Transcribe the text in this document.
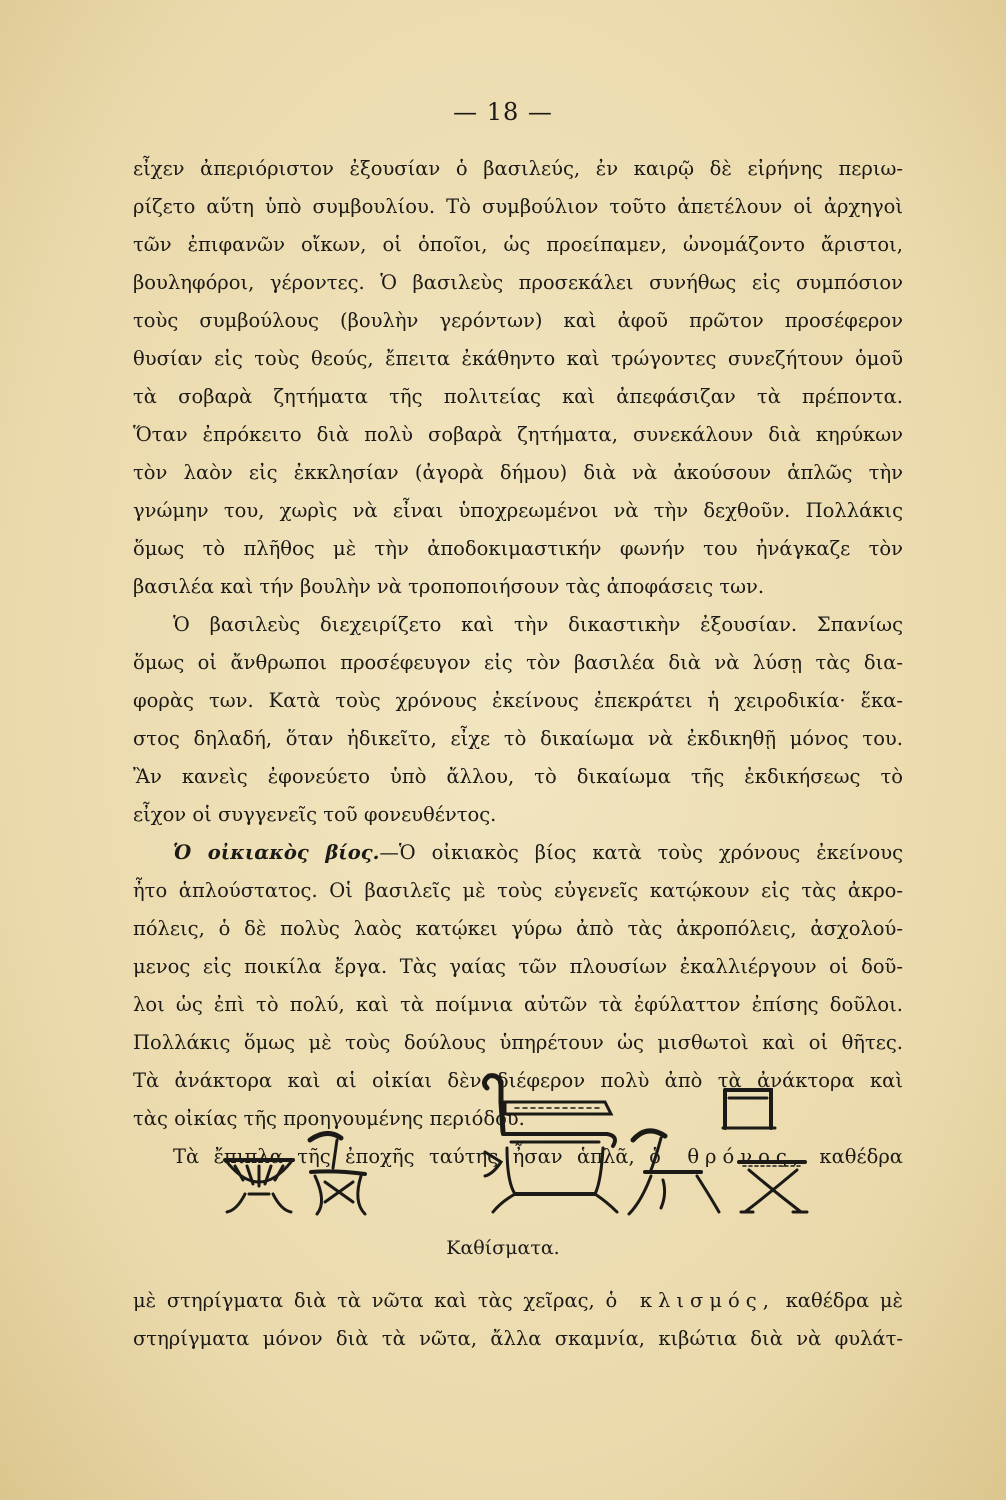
— 18 —
εἶχεν ἀπεριόριστον ἐξουσίαν ὁ βασιλεύς, ἐν καιρῷ δὲ εἰρήνης περιω-
ρίζετο αὕτη ὑπὸ συμβουλίου. Τὸ συμβούλιον τοῦτο ἀπετέλουν οἱ ἀρχηγοὶ
τῶν ἐπιφανῶν οἴκων, οἱ ὁποῖοι, ὡς προείπαμεν, ὠνομάζοντο ἄριστοι,
βουληφόροι, γέροντες. Ὁ βασιλεὺς προσεκάλει συνήθως εἰς συμπόσιον
τοὺς συμβούλους (βουλὴν γερόντων) καὶ ἀφοῦ πρῶτον προσέφερον
θυσίαν εἰς τοὺς θεούς, ἔπειτα ἐκάθηντο καὶ τρώγοντες συνεζήτουν ὁμοῦ
τὰ σοβαρὰ ζητήματα τῆς πολιτείας καὶ ἀπεφάσιζαν τὰ πρέποντα.
Ὅταν ἐπρόκειτο διὰ πολὺ σοβαρὰ ζητήματα, συνεκάλουν διὰ κηρύκων
τὸν λαὸν εἰς ἐκκλησίαν (ἀγορὰ δήμου) διὰ νὰ ἀκούσουν ἁπλῶς τὴν
γνώμην του, χωρὶς νὰ εἶναι ὑποχρεωμένοι νὰ τὴν δεχθοῦν. Πολλάκις
ὅμως τὸ πλῆθος μὲ τὴν ἀποδοκιμαστικήν φωνήν του ἠνάγκαζε τὸν
βασιλέα καὶ τήν βουλὴν νὰ τροποποιήσουν τὰς ἀποφάσεις των.
Ὁ βασιλεὺς διεχειρίζετο καὶ τὴν δικαστικὴν ἐξουσίαν. Σπανίως
ὅμως οἱ ἄνθρωποι προσέφευγον εἰς τὸν βασιλέα διὰ νὰ λύσῃ τὰς δια-
φορὰς των. Κατὰ τοὺς χρόνους ἐκείνους ἐπεκράτει ἡ χειροδικία· ἕκα-
στος δηλαδή, ὅταν ἠδικεῖτο, εἶχε τὸ δικαίωμα νὰ ἐκδικηθῇ μόνος του.
Ἂν κανεὶς ἐφονεύετο ὑπὸ ἄλλου, τὸ δικαίωμα τῆς ἐκδικήσεως τὸ
εἶχον οἱ συγγενεῖς τοῦ φονευθέντος.
Ὁ οἰκιακὸς βίος.—Ὁ οἰκιακὸς βίος κατὰ τοὺς χρόνους ἐκείνους
ἦτο ἁπλούστατος. Οἱ βασιλεῖς μὲ τοὺς εὐγενεῖς κατῴκουν εἰς τὰς ἀκρο-
πόλεις, ὁ δὲ πολὺς λαὸς κατῴκει γύρω ἀπὸ τὰς ἀκροπόλεις, ἀσχολού-
μενος εἰς ποικίλα ἔργα. Τὰς γαίας τῶν πλουσίων ἐκαλλιέργουν οἱ δοῦ-
λοι ὡς ἐπὶ τὸ πολύ, καὶ τὰ ποίμνια αὐτῶν τὰ ἐφύλαττον ἐπίσης δοῦλοι.
Πολλάκις ὅμως μὲ τοὺς δούλους ὑπηρέτουν ὡς μισθωτοὶ καὶ οἱ θῆτες.
Τὰ ἀνάκτορα καὶ αἱ οἰκίαι δὲν διέφερον πολὺ ἀπὸ τὰ ἀνάκτορα καὶ
τὰς οἰκίας τῆς προηγουμένης περιόδου.
Τὰ ἔπιπλα τῆς ἐποχῆς ταύτης ἦσαν ἁπλᾶ, ὁ θρόνος, καθέδρα
Καθίσματα.
μὲ στηρίγματα διὰ τὰ νῶτα καὶ τὰς χεῖρας, ὁ κλισμός, καθέδρα μὲ
στηρίγματα μόνον διὰ τὰ νῶτα, ἄλλα σκαμνία, κιβώτια διὰ νὰ φυλάτ-
